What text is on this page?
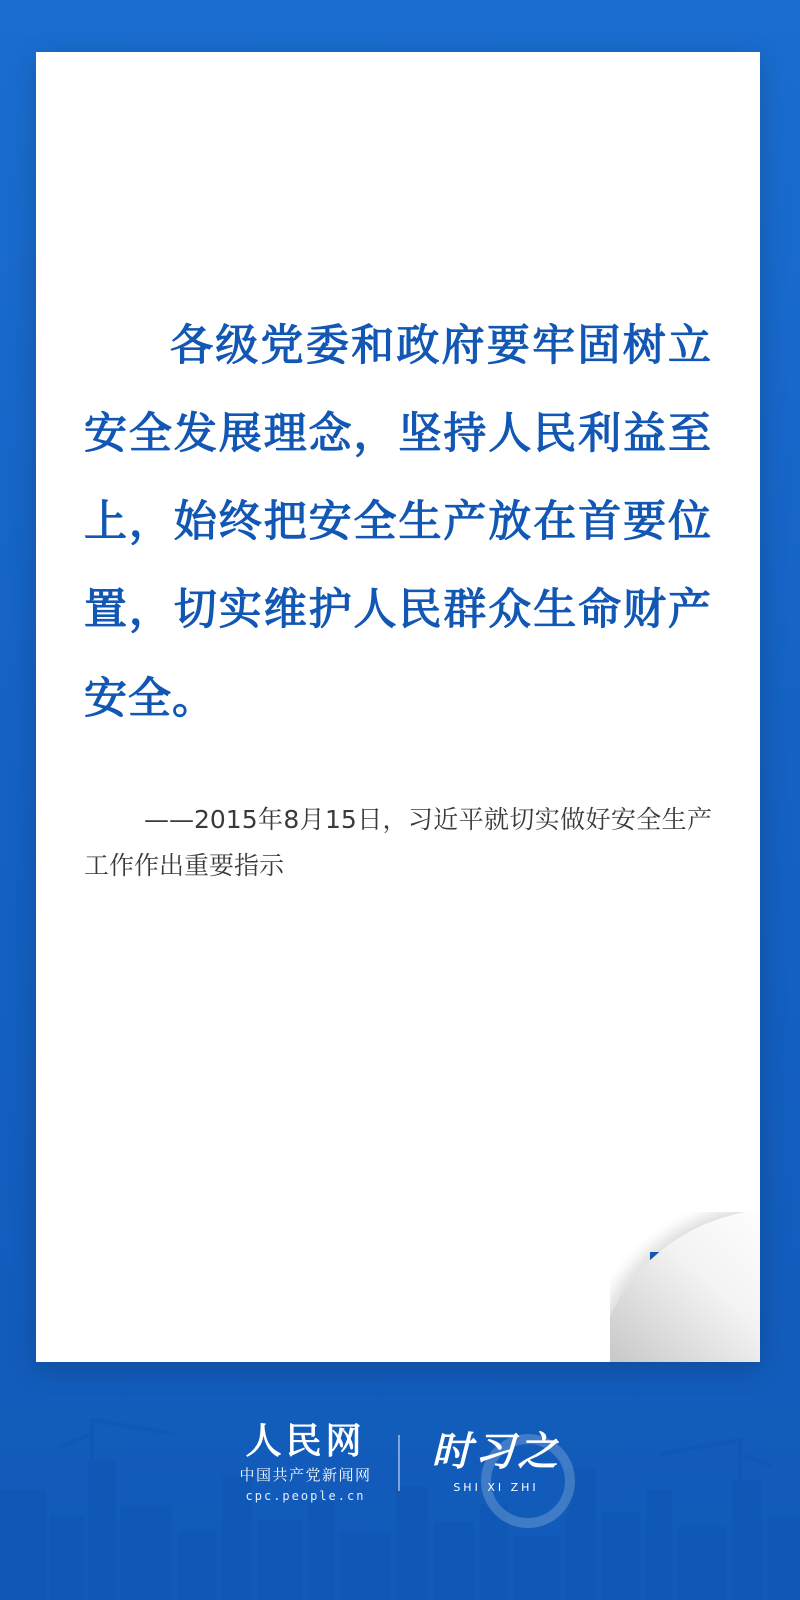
各级党委和政府要牢固树立安全发展理念，坚持人民利益至上，始终把安全生产放在首要位置，切实维护人民群众生命财产安全。

——2015年8月15日，习近平就切实做好安全生产工作作出重要指示

人民网
中国共产党新闻网
cpc.people.cn
时习之
SHI XI ZHI
